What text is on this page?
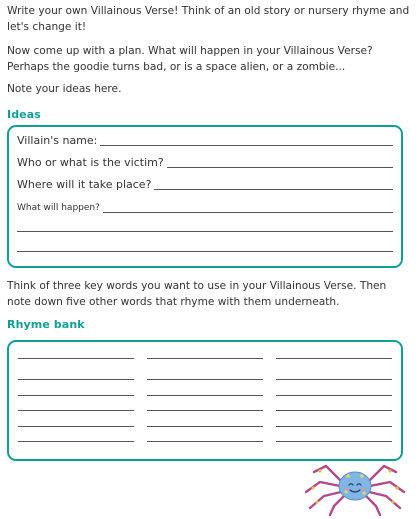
Write your own Villainous Verse! Think of an old story or nursery rhyme and let's change it!

Now come up with a plan. What will happen in your Villainous Verse? Perhaps the goodie turns bad, or is a space alien, or a zombie...

Note your ideas here.

Ideas
Villain's name:
Who or what is the victim?
Where will it take place?
What will happen?

Think of three key words you want to use in your Villainous Verse. Then note down five other words that rhyme with them underneath.

Rhyme bank
